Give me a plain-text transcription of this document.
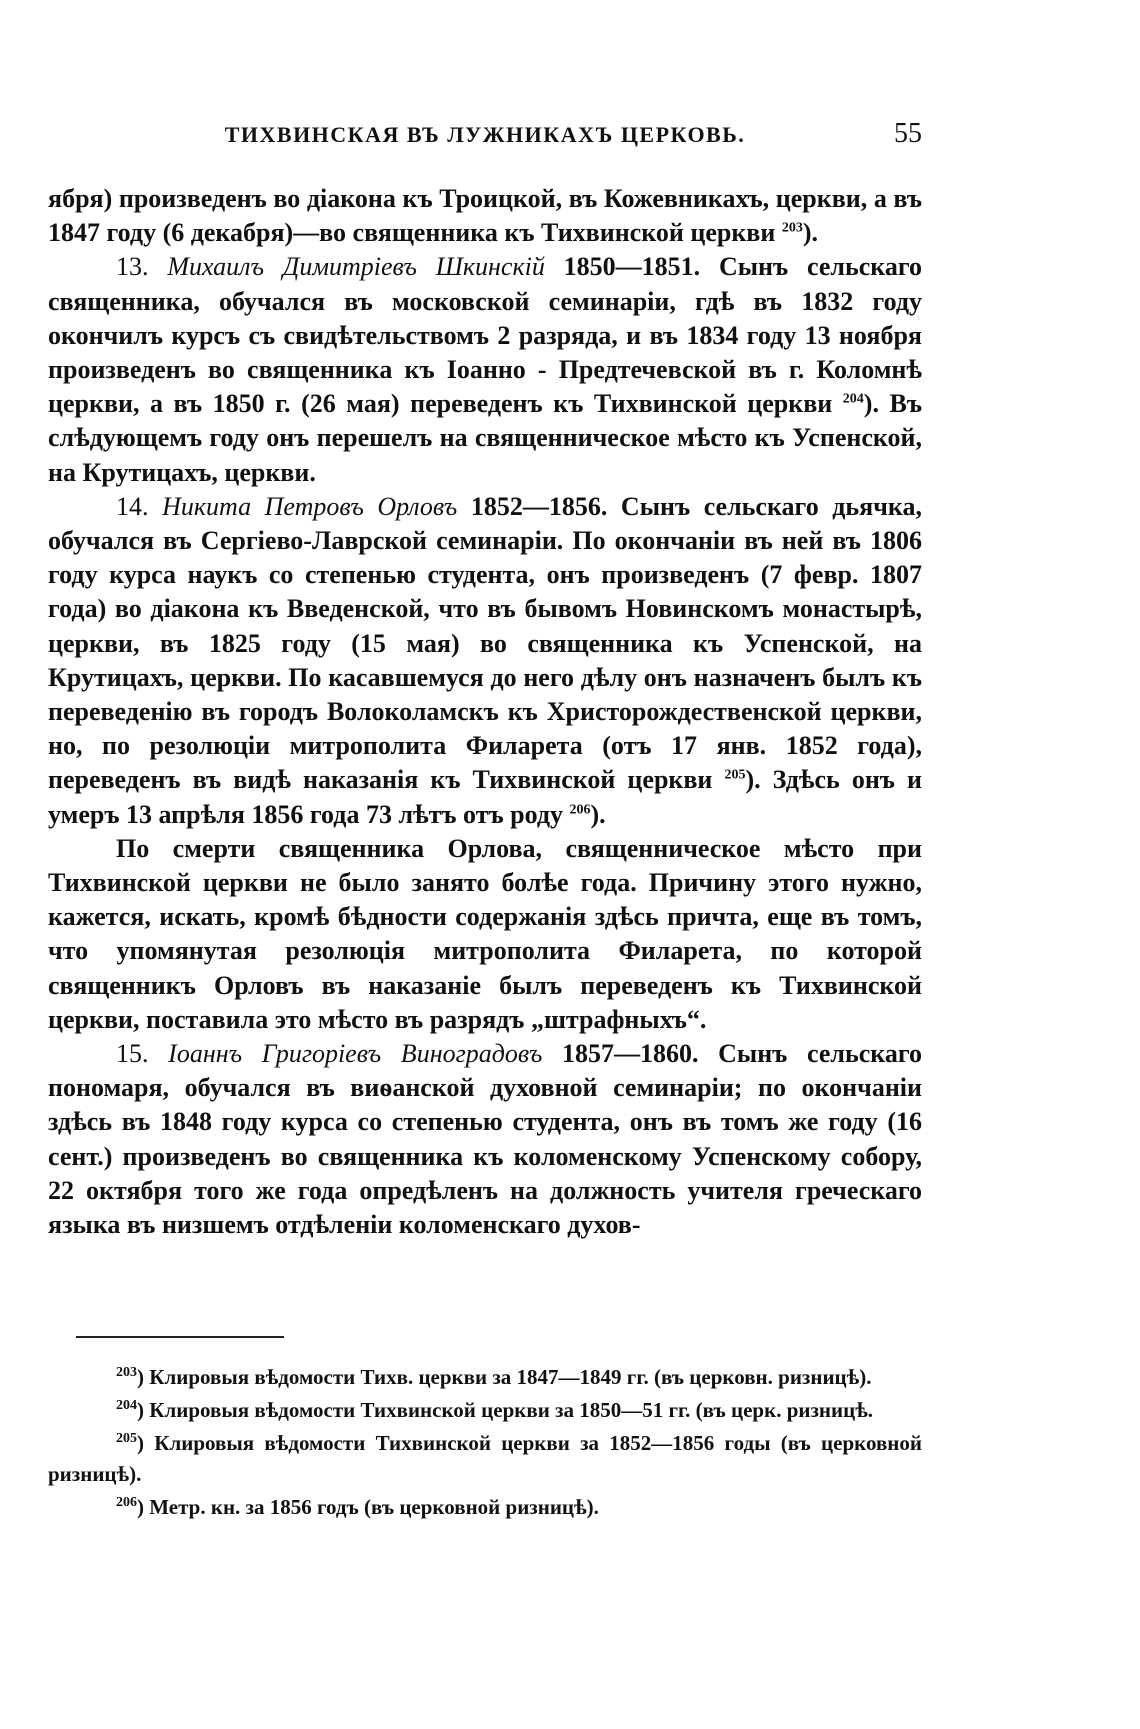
ТИХВИНСКАЯ ВЪ ЛУЖНИКАХЪ ЦЕРКОВЬ.	55

ября) произведенъ во діакона къ Троицкой, въ Кожевникахъ, церкви, а въ 1847 году (6 декабря)—во священника къ Тихвинской церкви $^{203}$).

13. Михаилъ Димитріевъ Шкинскій 1850—1851. Сынъ сельскаго священника, обучался въ московской семинаріи, гдѣ въ 1832 году окончилъ курсъ съ свидѣтельствомъ 2 разряда, и въ 1834 году 13 ноября произведенъ во священника къ Іоанно - Предтечевской въ г. Коломнѣ церкви, а въ 1850 г. (26 мая) переведенъ къ Тихвинской церкви $^{204}$). Въ слѣдующемъ году онъ перешелъ на священническое мѣсто къ Успенской, на Крутицахъ, церкви.

14. Никита Петровъ Орловъ 1852—1856. Сынъ сельскаго дьячка, обучался въ Сергіево-Лаврской семинаріи. По окончаніи въ ней въ 1806 году курса наукъ со степенью студента, онъ произведенъ (7 февр. 1807 года) во діакона къ Введенской, что въ бывомъ Новинскомъ монастырѣ, церкви, въ 1825 году (15 мая) во священника къ Успенской, на Крутицахъ, церкви. По касавшемуся до него дѣлу онъ назначенъ былъ къ переведенію въ городъ Волоколамскъ къ Христорождественской церкви, но, по резолюціи митрополита Филарета (отъ 17 янв. 1852 года), переведенъ въ видѣ наказанія къ Тихвинской церкви $^{205}$). Здѣсь онъ и умеръ 13 апрѣля 1856 года 73 лѣтъ отъ роду $^{206}$).

По смерти священника Орлова, священническое мѣсто при Тихвинской церкви не было занято болѣе года. Причину этого нужно, кажется, искать, кромѣ бѣдности содержанія здѣсь причта, еще въ томъ, что упомянутая резолюція митрополита Филарета, по которой священникъ Орловъ въ наказаніе былъ переведенъ къ Тихвинской церкви, поставила это мѣсто въ разрядъ „штрафныхъ“.

15. Іоаннъ Григоріевъ Виноградовъ 1857—1860. Сынъ сельскаго пономаря, обучался въ виѳанской духовной семинаріи; по окончаніи здѣсь въ 1848 году курса со степенью студента, онъ въ томъ же году (16 сент.) произведенъ во священника къ коломенскому Успенскому собору, 22 октября того же года опредѣленъ на должность учителя греческаго языка въ низшемъ отдѣленіи коломенскаго духов-

$^{203}$) Клировыя вѣдомости Тихв. церкви за 1847—1849 гг. (въ церковн. ризницѣ).

$^{204}$) Клировыя вѣдомости Тихвинской церкви за 1850—51 гг. (въ церк. ризницѣ.

$^{205}$) Клировыя вѣдомости Тихвинской церкви за 1852—1856 годы (въ церковной ризницѣ).

$^{206}$) Метр. кн. за 1856 годъ (въ церковной ризницѣ).
